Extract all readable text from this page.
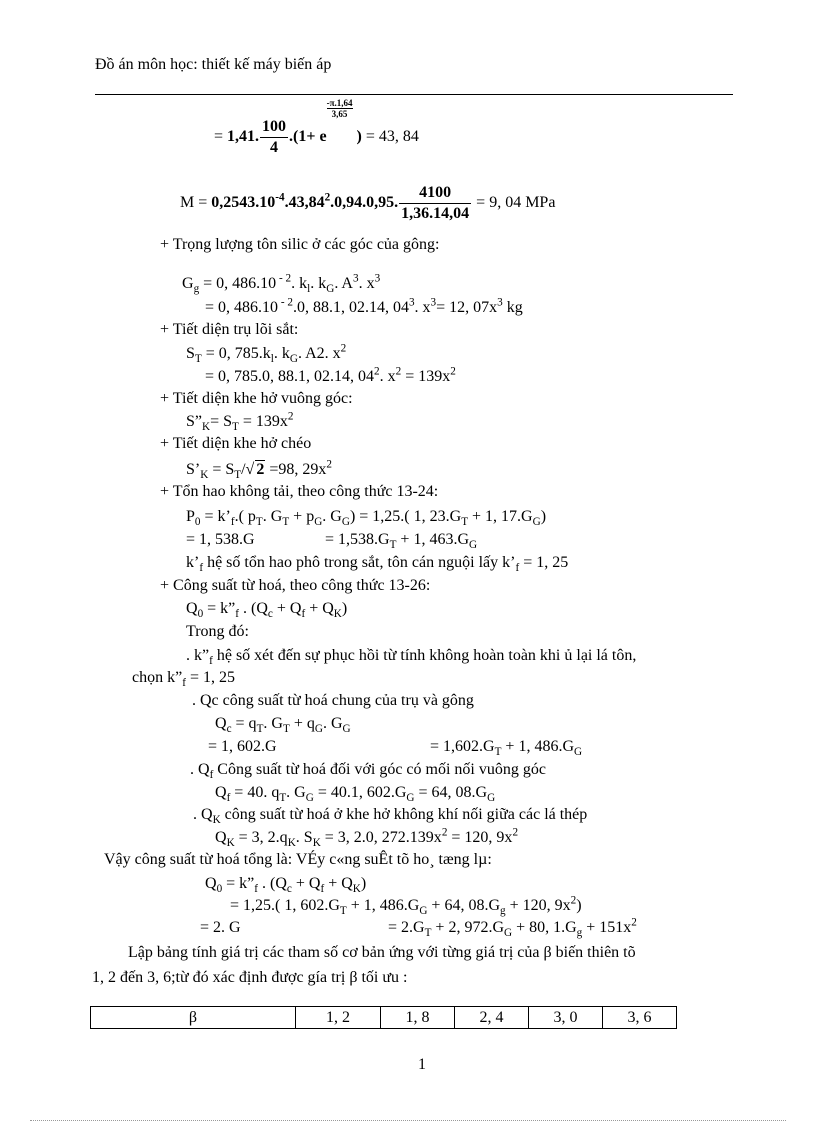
Đồ án môn học: thiết kế máy biến áp
= 1,41. $\frac{100}{4} .(1+ e$
$\frac{-\pi.1,64}{3,65}$ ) = 43, 84
$M = 0,2543.10^{-4}.43,84^2.0,94.0,95$. $\frac{4100}{1,36.14,04} = 9$, 04 MPa
+ Trọng lượng tôn silic ở các góc của gông:
$G_g = 0$, 486.10 $^{- 2}$. $k_l$. $k_G$. $A^3$. $x^3$
= 0, 486.10 $^{- 2}$.0, 88.1, 02.14, $04^3$. $x^3= 12$, $07x^3$ kg
+ Tiết diện trụ lõi sắt:
$S_T = 0$, $785.k_l$. $k_G$. A2. $x^2$
= 0, 785.0, 88.1, 02.14, $04^2$. $x^2 = 139x^2$
+ Tiết diện khe hở vuông góc:
$S”_K= S_T = 139x^2$
+ Tiết diện khe hở chéo
$S’_K = S_T/√$ 2 =98, $29x^2$
+ Tổn hao không tải, theo công thức 13-24:
$P_0$ = $k’_f$.( $p_T$. $G_T + p_G$. $G_G) = 1,25$.( 1, $23.G_T + 1$, $17.G_G$)
= 1, 538.G	= $1,538.G_T + 1$, $463.G_G$
$k’_f$ hệ số tổn hao phô trong sắt, tôn cán nguội lấy $k’_f = 1$, 25
+ Công suất từ hoá, theo công thức 13-26:
$Q_0$ = $k”_f$ . $(Q_c + Q_f + Q_K)$
Trong đó:
. $k”_f$ hệ số xét đến sự phục hồi từ tính không hoàn toàn khi ủ lại lá tôn,
chọn $k”_f = 1$, 25
. Qc công suất từ hoá chung của trụ và gông
$Q_c = q_T$. $G_T + q_G$. $G_G$
= 1, 602.G	= $1,602.G_T + 1$, $486.G_G$
. $Q_f$ Công suất từ hoá đối với góc có mối nối vuông góc
$Q_f = 40$. $q_T$. $G_G = 40.1$, $602.G_G = 64$, $08.G_G$
. $Q_K$ công suất từ hoá ở khe hở không khí nối giữa các lá thép
$Q_K = 3$, $2.q_K$. $S_K = 3$, 2.0, $272.139x^2 = 120$, $9x^2$
Vậy công suất từ hoá tổng là: VÉy c«ng suÊt tõ ho¸ tæng lµ:
$Q_0$ = $k”_f$ . $(Q_c + Q_f + Q_K)$
= 1,25.( 1, $602.G_T + 1$, $486.G_G + 64$, $08.G_g + 120$, $9x^2$)
= 2. G	= $2.G_T + 2$, $972.G_G + 80$, $1.G_g + 151x^2$
Lập bảng tính giá trị các tham số cơ bản ứng với từng giá trị của β biến thiên tõ
1, 2 đến 3, 6;từ đó xác định được gía trị β tối ưu :
β	1, 2	1, 8	2, 4	3, 0	3, 6
1
